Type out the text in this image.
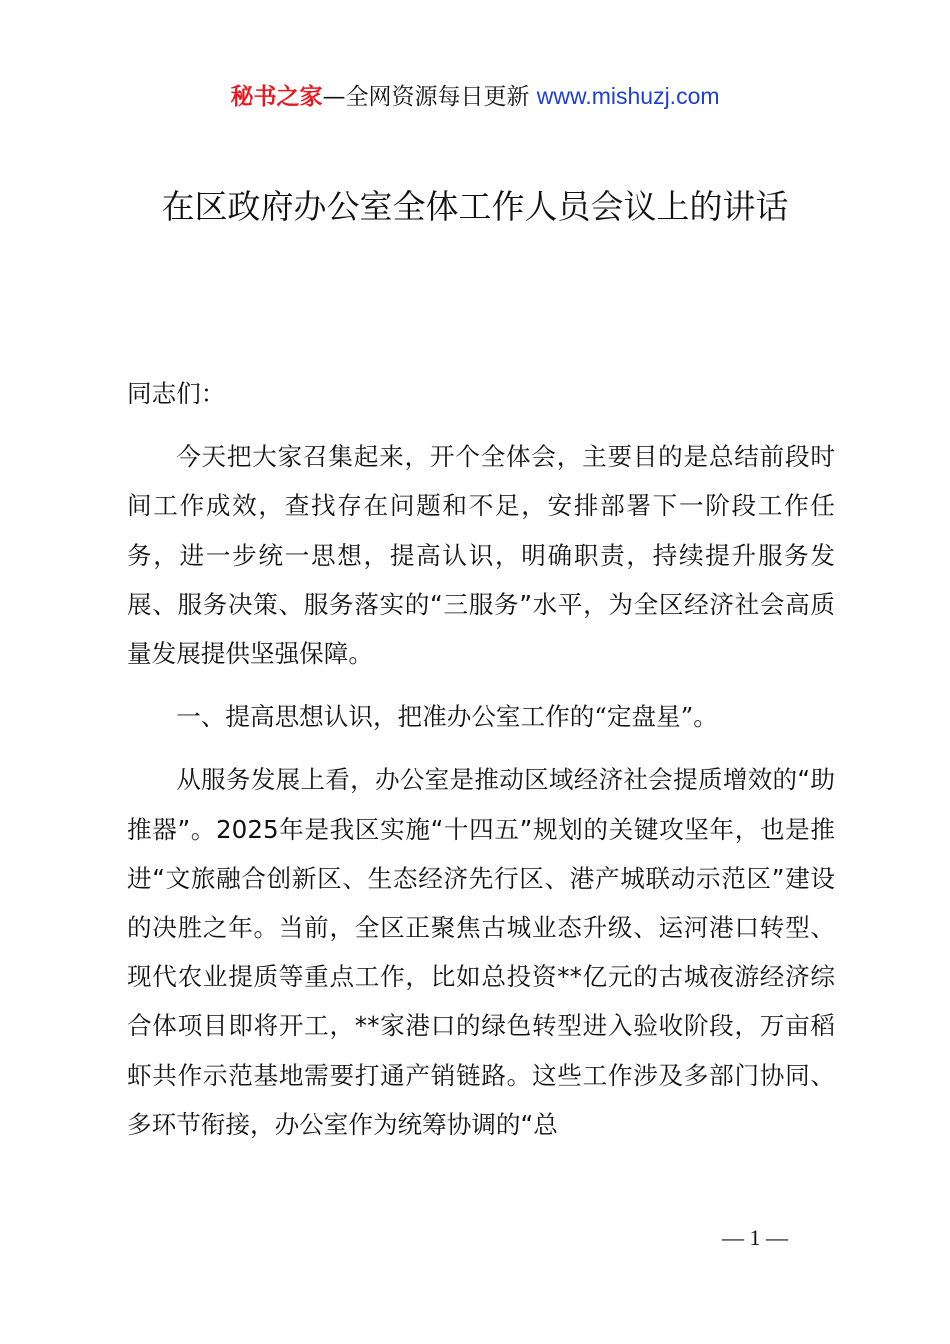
秘书之家—全网资源每日更新 www.mishuzj.com
在区政府办公室全体工作人员会议上的讲话

同志们：

今天把大家召集起来，开个全体会，主要目的是总结前段时间工作成效，查找存在问题和不足，安排部署下一阶段工作任务，进一步统一思想，提高认识，明确职责，持续提升服务发展、服务决策、服务落实的“三服务”水平，为全区经济社会高质量发展提供坚强保障。

一、提高思想认识，把准办公室工作的“定盘星”。

从服务发展上看，办公室是推动区域经济社会提质增效的“助推器”。2025年是我区实施“十四五”规划的关键攻坚年，也是推进“文旅融合创新区、生态经济先行区、港产城联动示范区”建设的决胜之年。当前，全区正聚焦古城业态升级、运河港口转型、现代农业提质等重点工作，比如总投资**亿元的古城夜游经济综合体项目即将开工，**家港口的绿色转型进入验收阶段，万亩稻虾共作示范基地需要打通产销链路。这些工作涉及多部门协同、多环节衔接，办公室作为统筹协调的“总

— 1 —
